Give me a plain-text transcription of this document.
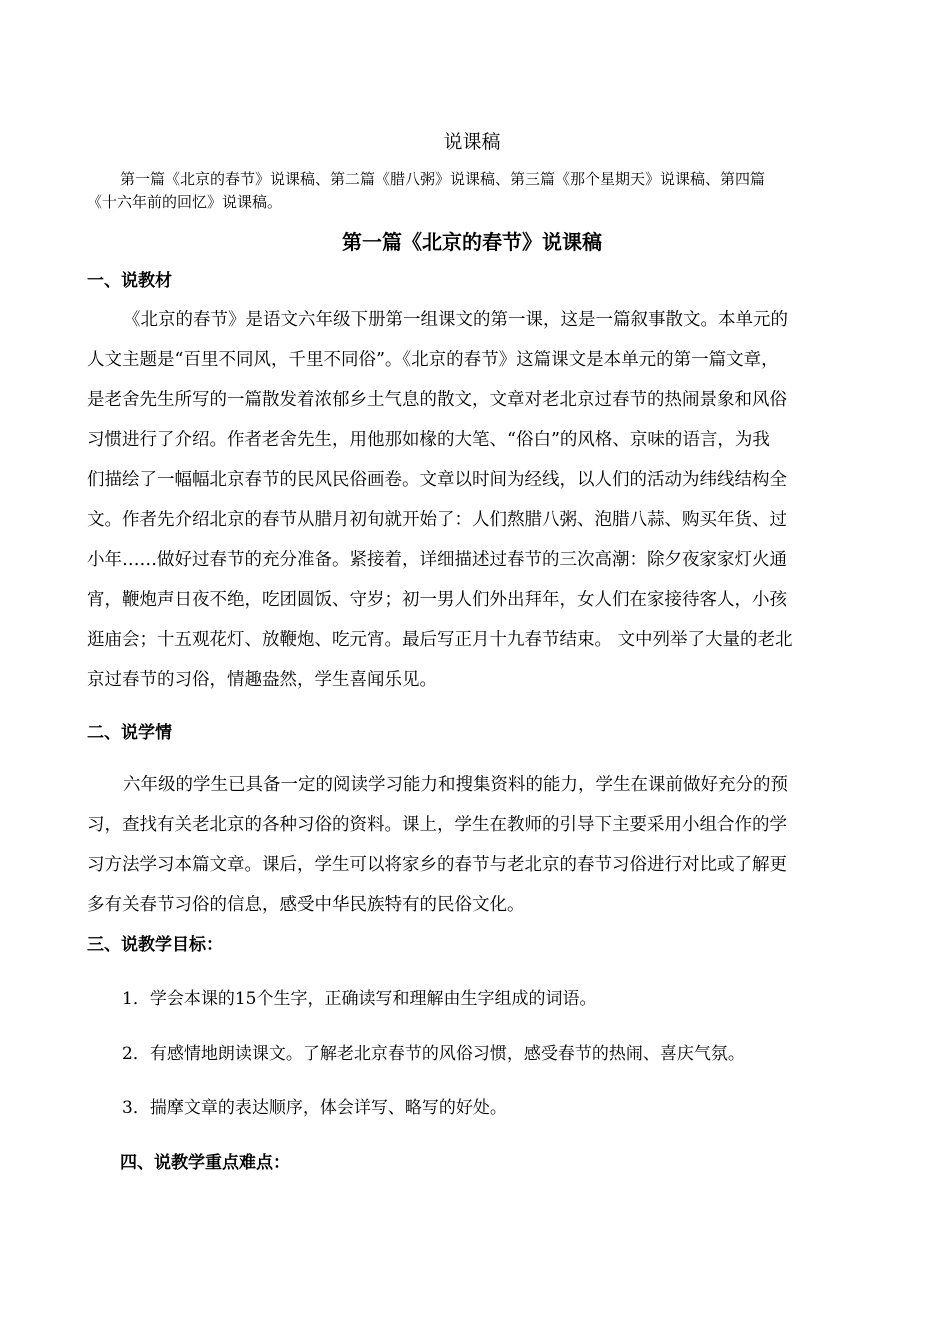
说课稿

第一篇《北京的春节》说课稿、第二篇《腊八粥》说课稿、第三篇《那个星期天》说课稿、第四篇

《十六年前的回忆》说课稿。

第一篇《北京的春节》说课稿
一、说教材

《北京的春节》是语文六年级下册第一组课文的第一课，这是一篇叙事散文。本单元的

人文主题是“百里不同风，千里不同俗”。《北京的春节》这篇课文是本单元的第一篇文章，

是老舍先生所写的一篇散发着浓郁乡土气息的散文，文章对老北京过春节的热闹景象和风俗

习惯进行了介绍。作者老舍先生，用他那如椽的大笔、“俗白”的风格、京味的语言，为我

们描绘了一幅幅北京春节的民风民俗画卷。文章以时间为经线，以人们的活动为纬线结构全

文。作者先介绍北京的春节从腊月初旬就开始了：人们熬腊八粥、泡腊八蒜、购买年货、过

小年……做好过春节的充分准备。紧接着，详细描述过春节的三次高潮：除夕夜家家灯火通

宵，鞭炮声日夜不绝，吃团圆饭、守岁；初一男人们外出拜年，女人们在家接待客人，小孩

逛庙会；十五观花灯、放鞭炮、吃元宵。最后写正月十九春节结束。 文中列举了大量的老北

京过春节的习俗，情趣盎然，学生喜闻乐见。

二、说学情

六年级的学生已具备一定的阅读学习能力和搜集资料的能力，学生在课前做好充分的预

习，查找有关老北京的各种习俗的资料。课上，学生在教师的引导下主要采用小组合作的学

习方法学习本篇文章。课后，学生可以将家乡的春节与老北京的春节习俗进行对比或了解更

多有关春节习俗的信息，感受中华民族特有的民俗文化。

三、说教学目标：
1．学会本课的15个生字，正确读写和理解由生字组成的词语。
2．有感情地朗读课文。了解老北京春节的风俗习惯，感受春节的热闹、喜庆气氛。
3．揣摩文章的表达顺序，体会详写、略写的好处。
四、说教学重点难点：
